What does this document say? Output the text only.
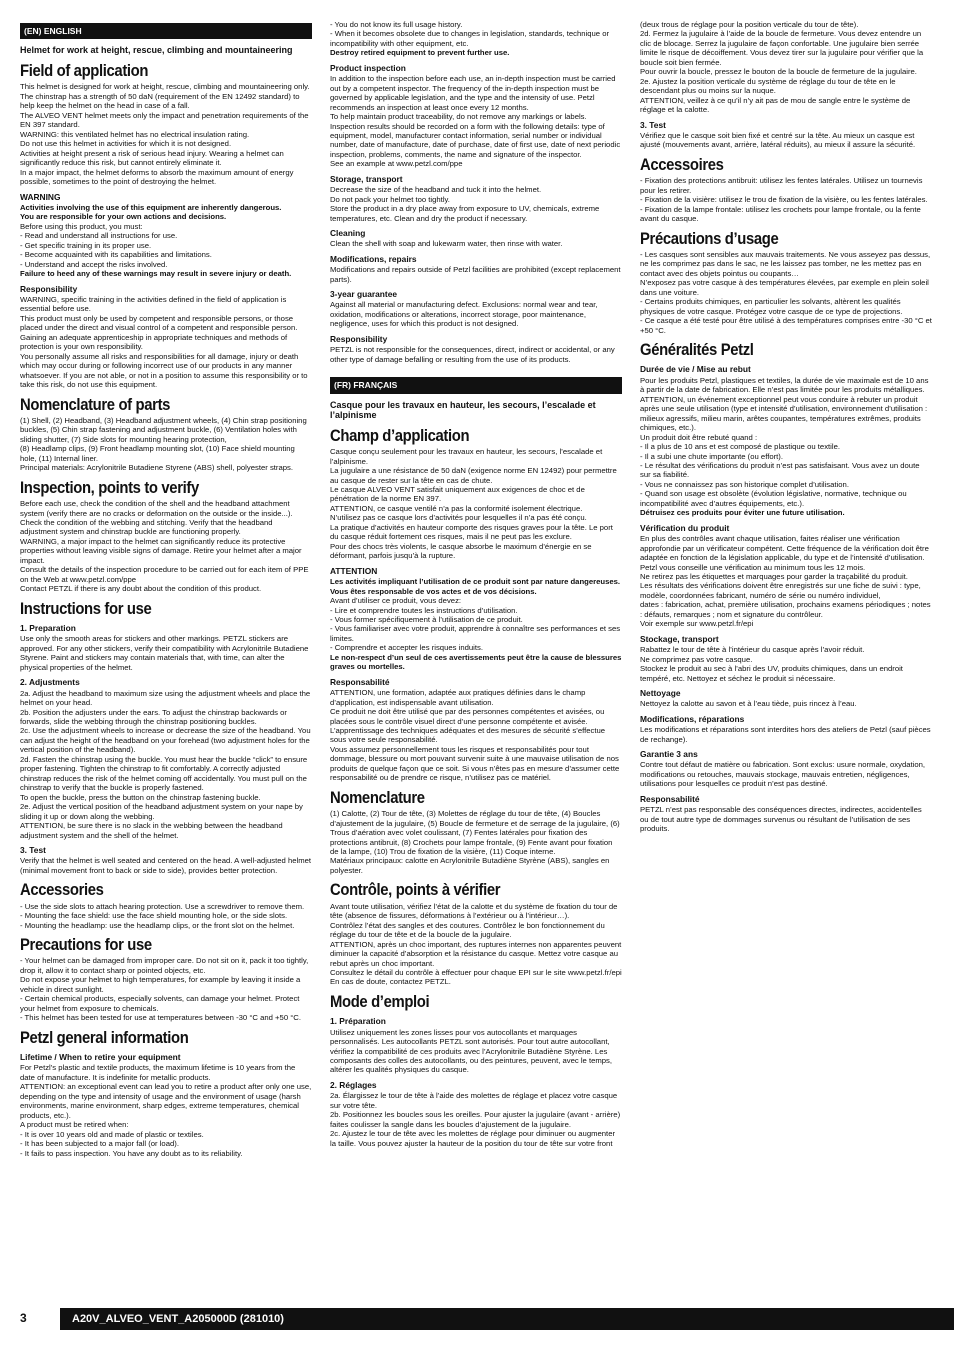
(EN) ENGLISH
Helmet for work at height, rescue, climbing and mountaineering
Field of application

This helmet is designed for work at height, rescue, climbing and mountaineering only.
The chinstrap has a strength of 50 daN (requirement of the EN 12492 standard) to help keep the helmet on the head in case of a fall.
The ALVEO VENT helmet meets only the impact and penetration requirements of the EN 397 standard.
WARNING: this ventilated helmet has no electrical insulation rating.
Do not use this helmet in activities for which it is not designed.
Activities at height present a risk of serious head injury. Wearing a helmet can significantly reduce this risk, but cannot entirely eliminate it.
In a major impact, the helmet deforms to absorb the maximum amount of energy possible, sometimes to the point of destroying the helmet.

WARNING

Activities involving the use of this equipment are inherently dangerous.
You are responsible for your own actions and decisions.

Before using this product, you must:
- Read and understand all instructions for use.
- Get specific training in its proper use.
- Become acquainted with its capabilities and limitations.
- Understand and accept the risks involved.

Failure to heed any of these warnings may result in severe injury or death.

Responsibility

WARNING, specific training in the activities defined in the field of application is essential before use.
This product must only be used by competent and responsible persons, or those placed under the direct and visual control of a competent and responsible person.
Gaining an adequate apprenticeship in appropriate techniques and methods of protection is your own responsibility.
You personally assume all risks and responsibilities for all damage, injury or death which may occur during or following incorrect use of our products in any manner whatsoever. If you are not able, or not in a position to assume this responsibility or to take this risk, do not use this equipment.

Nomenclature of parts

(1) Shell, (2) Headband, (3) Headband adjustment wheels, (4) Chin strap positioning buckles, (5) Chin strap fastening and adjustment buckle, (6) Ventilation holes with sliding shutter, (7) Side slots for mounting hearing protection,
(8) Headlamp clips, (9) Front headlamp mounting slot, (10) Face shield mounting hole, (11) Internal liner.
Principal materials: Acrylonitrile Butadiene Styrene (ABS) shell, polyester straps.

Inspection, points to verify

Before each use, check the condition of the shell and the headband attachment system (verify there are no cracks or deformation on the outside or the inside...).
Check the condition of the webbing and stitching. Verify that the headband adjustment system and chinstrap buckle are functioning properly.
WARNING, a major impact to the helmet can significantly reduce its protective properties without leaving visible signs of damage. Retire your helmet after a major impact.
Consult the details of the inspection procedure to be carried out for each item of PPE on the Web at www.petzl.com/ppe
Contact PETZL if there is any doubt about the condition of this product.

Instructions for use
1. Preparation

Use only the smooth areas for stickers and other markings. PETZL stickers are approved. For any other stickers, verify their compatibility with Acrylonitrile Butadiene Styrene. Paint and stickers may contain materials that, with time, can alter the physical properties of the helmet.

2. Adjustments

2a. Adjust the headband to maximum size using the adjustment wheels and place the helmet on your head.
2b. Position the adjusters under the ears. To adjust the chinstrap backwards or forwards, slide the webbing through the chinstrap positioning buckles.
2c. Use the adjustment wheels to increase or decrease the size of the headband. You can adjust the height of the headband on your forehead (two adjustment holes for the vertical position of the headband).
2d. Fasten the chinstrap using the buckle. You must hear the buckle “click” to ensure proper fastening. Tighten the chinstrap to fit comfortably. A correctly adjusted chinstrap reduces the risk of the helmet coming off accidentally. You must pull on the chinstrap to verify that the buckle is properly fastened.
To open the buckle, press the button on the chinstrap fastening buckle.
2e. Adjust the vertical position of the headband adjustment system on your nape by sliding it up or down along the webbing.
ATTENTION, be sure there is no slack in the webbing between the headband adjustment system and the shell of the helmet.

3. Test

Verify that the helmet is well seated and centered on the head. A well-adjusted helmet (minimal movement front to back or side to side), provides better protection.

Accessories

- Use the side slots to attach hearing protection. Use a screwdriver to remove them.
- Mounting the face shield: use the face shield mounting hole, or the side slots.
- Mounting the headlamp: use the headlamp clips, or the front slot on the helmet.

Precautions for use

- Your helmet can be damaged from improper care. Do not sit on it, pack it too tightly, drop it, allow it to contact sharp or pointed objects, etc.
Do not expose your helmet to high temperatures, for example by leaving it inside a vehicle in direct sunlight.
- Certain chemical products, especially solvents, can damage your helmet. Protect your helmet from exposure to chemicals.
- This helmet has been tested for use at temperatures between -30 °C and +50 °C.

Petzl general information
Lifetime / When to retire your equipment

For Petzl's plastic and textile products, the maximum lifetime is 10 years from the date of manufacture. It is indefinite for metallic products.
ATTENTION: an exceptional event can lead you to retire a product after only one use, depending on the type and intensity of usage and the environment of usage (harsh environments, marine environment, sharp edges, extreme temperatures, chemical products, etc.).
A product must be retired when:
- It is over 10 years old and made of plastic or textiles.
- It has been subjected to a major fall (or load).
- It fails to pass inspection. You have any doubt as to its reliability.

- You do not know its full usage history.
- When it becomes obsolete due to changes in legislation, standards, technique or incompatibility with other equipment, etc.

Destroy retired equipment to prevent further use.

Product inspection

In addition to the inspection before each use, an in-depth inspection must be carried out by a competent inspector. The frequency of the in-depth inspection must be governed by applicable legislation, and the type and the intensity of use. Petzl recommends an inspection at least once every 12 months.
To help maintain product traceability, do not remove any markings or labels.
Inspection results should be recorded on a form with the following details: type of equipment, model, manufacturer contact information, serial number or individual number, date of manufacture, date of purchase, date of first use, date of next periodic inspection, problems, comments, the name and signature of the inspector.
See an example at www.petzl.com/ppe

Storage, transport

Decrease the size of the headband and tuck it into the helmet.
Do not pack your helmet too tightly.
Store the product in a dry place away from exposure to UV, chemicals, extreme temperatures, etc. Clean and dry the product if necessary.

Cleaning

Clean the shell with soap and lukewarm water, then rinse with water.

Modifications, repairs

Modifications and repairs outside of Petzl facilities are prohibited (except replacement parts).

3-year guarantee

Against all material or manufacturing defect. Exclusions: normal wear and tear, oxidation, modifications or alterations, incorrect storage, poor maintenance, negligence, uses for which this product is not designed.

Responsibility

PETZL is not responsible for the consequences, direct, indirect or accidental, or any other type of damage befalling or resulting from the use of its products.

(FR) FRANÇAIS
Casque pour les travaux en hauteur, les secours, l’escalade et l’alpinisme
Champ d’application

Casque conçu seulement pour les travaux en hauteur, les secours, l’escalade et l’alpinisme.
La jugulaire a une résistance de 50 daN (exigence norme EN 12492) pour permettre au casque de rester sur la tête en cas de chute.
Le casque ALVEO VENT satisfait uniquement aux exigences de choc et de pénétration de la norme EN 397.
ATTENTION, ce casque ventilé n’a pas la conformité isolement électrique.
N’utilisez pas ce casque lors d’activités pour lesquelles il n’a pas été conçu.
La pratique d’activités en hauteur comporte des risques graves pour la tête. Le port du casque réduit fortement ces risques, mais il ne peut pas les exclure.
Pour des chocs très violents, le casque absorbe le maximum d’énergie en se déformant, parfois jusqu’à la rupture.

ATTENTION

Les activités impliquant l’utilisation de ce produit sont par nature dangereuses.
Vous êtes responsable de vos actes et de vos décisions.

Avant d’utiliser ce produit, vous devez:
- Lire et comprendre toutes les instructions d’utilisation.
- Vous former spécifiquement à l’utilisation de ce produit.
- Vous familiariser avec votre produit, apprendre à connaître ses performances et ses limites.
- Comprendre et accepter les risques induits.

Le non-respect d’un seul de ces avertissements peut être la cause de blessures graves ou mortelles.

Responsabilité

ATTENTION, une formation, adaptée aux pratiques définies dans le champ d’application, est indispensable avant utilisation.
Ce produit ne doit être utilisé que par des personnes compétentes et avisées, ou placées sous le contrôle visuel direct d’une personne compétente et avisée.
L’apprentissage des techniques adéquates et des mesures de sécurité s’effectue sous votre seule responsabilité.
Vous assumez personnellement tous les risques et responsabilités pour tout dommage, blessure ou mort pouvant survenir suite à une mauvaise utilisation de nos produits de quelque façon que ce soit. Si vous n’êtes pas en mesure d’assumer cette responsabilité ou de prendre ce risque, n’utilisez pas ce matériel.

Nomenclature

(1) Calotte, (2) Tour de tête, (3) Molettes de réglage du tour de tête, (4) Boucles d’ajustement de la jugulaire, (5) Boucle de fermeture et de serrage de la jugulaire, (6) Trous d’aération avec volet coulissant, (7) Fentes latérales pour fixation des protections antibruit, (8) Crochets pour lampe frontale, (9) Fente avant pour fixation de la lampe, (10) Trou de fixation de la visière, (11) Coque interne.
Matériaux principaux: calotte en Acrylonitrile Butadiène Styrène (ABS), sangles en polyester.

Contrôle, points à vérifier

Avant toute utilisation, vérifiez l’état de la calotte et du système de fixation du tour de tête (absence de fissures, déformations à l’extérieur ou à l’intérieur…).
Contrôlez l’état des sangles et des coutures. Contrôlez le bon fonctionnement du réglage du tour de tête et de la boucle de la jugulaire.
ATTENTION, après un choc important, des ruptures internes non apparentes peuvent diminuer la capacité d’absorption et la résistance du casque. Mettez votre casque au rebut après un choc important.
Consultez le détail du contrôle à effectuer pour chaque EPI sur le site www.petzl.fr/epi
En cas de doute, contactez PETZL.

Mode d’emploi
1. Préparation

Utilisez uniquement les zones lisses pour vos autocollants et marquages personnalisés. Les autocollants PETZL sont autorisés. Pour tout autre autocollant, vérifiez la compatibilité de ces produits avec l’Acrylonitrile Butadiène Styrène. Les composants des colles des autocollants, ou des peintures, peuvent, avec le temps, altérer les qualités physiques du casque.

2. Réglages

2a. Élargissez le tour de tête à l’aide des molettes de réglage et placez votre casque sur votre tête.
2b. Positionnez les boucles sous les oreilles. Pour ajuster la jugulaire (avant - arrière) faites coulisser la sangle dans les boucles d’ajustement de la jugulaire.
2c. Ajustez le tour de tête avec les molettes de réglage pour diminuer ou augmenter la taille. Vous pouvez ajuster la hauteur de la position du tour de tête sur votre front

(deux trous de réglage pour la position verticale du tour de tête).
2d. Fermez la jugulaire à l’aide de la boucle de fermeture. Vous devez entendre un clic de blocage. Serrez la jugulaire de façon confortable. Une jugulaire bien serrée limite le risque de décoiffement. Vous devez tirer sur la jugulaire pour vérifier que la boucle soit bien fermée.
Pour ouvrir la boucle, pressez le bouton de la boucle de fermeture de la jugulaire.
2e. Ajustez la position verticale du système de réglage du tour de tête en le descendant plus ou moins sur la nuque.
ATTENTION, veillez à ce qu’il n’y ait pas de mou de sangle entre le système de réglage et la calotte.

3. Test

Vérifiez que le casque soit bien fixé et centré sur la tête. Au mieux un casque est ajusté (mouvements avant, arrière, latéral réduits), au mieux il assure la sécurité.

Accessoires

- Fixation des protections antibruit: utilisez les fentes latérales. Utilisez un tournevis pour les retirer.
- Fixation de la visière: utilisez le trou de fixation de la visière, ou les fentes latérales.
- Fixation de la lampe frontale: utilisez les crochets pour lampe frontale, ou la fente avant du casque.

Précautions d’usage

- Les casques sont sensibles aux mauvais traitements. Ne vous asseyez pas dessus, ne les comprimez pas dans le sac, ne les laissez pas tomber, ne les mettez pas en contact avec des objets pointus ou coupants…
N’exposez pas votre casque à des températures élevées, par exemple en plein soleil dans une voiture.
- Certains produits chimiques, en particulier les solvants, altèrent les qualités physiques de votre casque. Protégez votre casque de ce type de projections.
- Ce casque a été testé pour être utilisé à des températures comprises entre -30 °C et +50 °C.

Généralités Petzl
Durée de vie / Mise au rebut

Pour les produits Petzl, plastiques et textiles, la durée de vie maximale est de 10 ans à partir de la date de fabrication. Elle n’est pas limitée pour les produits métalliques.
ATTENTION, un événement exceptionnel peut vous conduire à rebuter un produit après une seule utilisation (type et intensité d’utilisation, environnement d’utilisation : milieux agressifs, milieu marin, arêtes coupantes, températures extrêmes, produits chimiques, etc.).
Un produit doit être rebuté quand :
- Il a plus de 10 ans et est composé de plastique ou textile.
- Il a subi une chute importante (ou effort).
- Le résultat des vérifications du produit n’est pas satisfaisant. Vous avez un doute sur sa fiabilité.
- Vous ne connaissez pas son historique complet d’utilisation.
- Quand son usage est obsolète (évolution législative, normative, technique ou incompatibilité avec d’autres équipements, etc.).

Détruisez ces produits pour éviter une future utilisation.

Vérification du produit

En plus des contrôles avant chaque utilisation, faites réaliser une vérification approfondie par un vérificateur compétent. Cette fréquence de la vérification doit être adaptée en fonction de la législation applicable, du type et de l’intensité d’utilisation. Petzl vous conseille une vérification au minimum tous les 12 mois.
Ne retirez pas les étiquettes et marquages pour garder la traçabilité du produit.
Les résultats des vérifications doivent être enregistrés sur une fiche de suivi : type, modèle, coordonnées fabricant, numéro de série ou numéro individuel,
dates : fabrication, achat, première utilisation, prochains examens périodiques ; notes : défauts, remarques ; nom et signature du contrôleur.
Voir exemple sur www.petzl.fr/epi

Stockage, transport

Rabattez le tour de tête à l’intérieur du casque après l’avoir réduit.
Ne comprimez pas votre casque.
Stockez le produit au sec à l’abri des UV, produits chimiques, dans un endroit tempéré, etc. Nettoyez et séchez le produit si nécessaire.

Nettoyage

Nettoyez la calotte au savon et à l’eau tiède, puis rincez à l’eau.

Modifications, réparations

Les modifications et réparations sont interdites hors des ateliers de Petzl (sauf pièces de rechange).

Garantie 3 ans

Contre tout défaut de matière ou fabrication. Sont exclus: usure normale, oxydation, modifications ou retouches, mauvais stockage, mauvais entretien, négligences, utilisations pour lesquelles ce produit n’est pas destiné.

Responsabilité

PETZL n’est pas responsable des conséquences directes, indirectes, accidentelles ou de tout autre type de dommages survenus ou résultant de l’utilisation de ses produits.

3	A20V_ALVEO_VENT_A205000D (281010)
